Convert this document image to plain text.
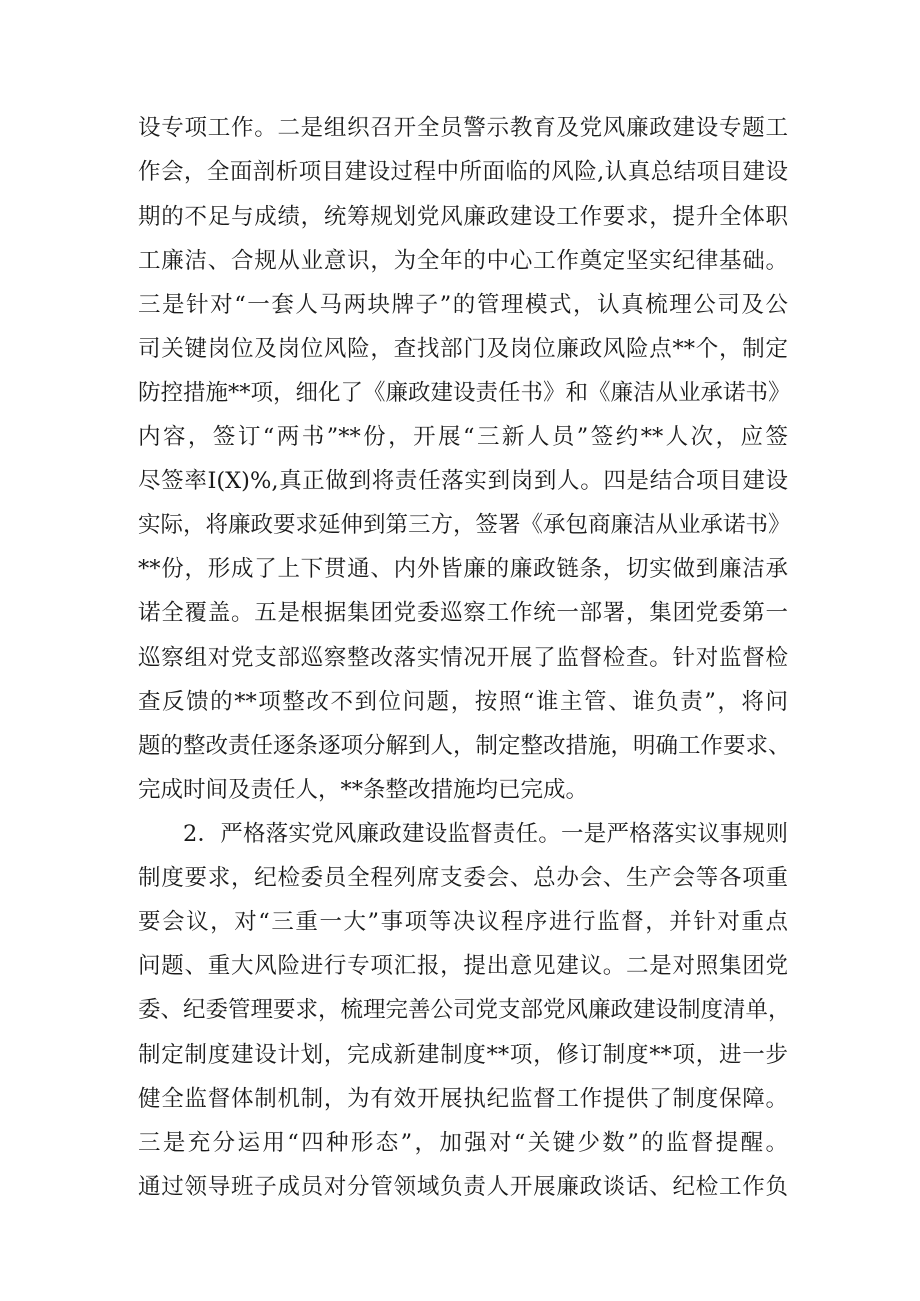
设专项工作。二是组织召开全员警示教育及党风廉政建设专题工
作会，全面剖析项目建设过程中所面临的风险,认真总结项目建设
期的不足与成绩，统筹规划党风廉政建设工作要求，提升全体职
工廉洁、合规从业意识，为全年的中心工作奠定坚实纪律基础。
三是针对“一套人马两块牌子”的管理模式，认真梳理公司及公
司关键岗位及岗位风险，查找部门及岗位廉政风险点**个，制定
防控措施**项，细化了《廉政建设责任书》和《廉洁从业承诺书》
内容，签订“两书”**份，开展“三新人员”签约**人次，应签
尽签率I(X)%,真正做到将责任落实到岗到人。四是结合项目建设
实际，将廉政要求延伸到第三方，签署《承包商廉洁从业承诺书》
**份，形成了上下贯通、内外皆廉的廉政链条，切实做到廉洁承
诺全覆盖。五是根据集团党委巡察工作统一部署，集团党委第一
巡察组对党支部巡察整改落实情况开展了监督检查。针对监督检
查反馈的**项整改不到位问题，按照“谁主管、谁负责”，将问
题的整改责任逐条逐项分解到人，制定整改措施，明确工作要求、
完成时间及责任人，**条整改措施均已完成。
2．严格落实党风廉政建设监督责任。一是严格落实议事规则
制度要求，纪检委员全程列席支委会、总办会、生产会等各项重
要会议，对“三重一大”事项等决议程序进行监督，并针对重点
问题、重大风险进行专项汇报，提出意见建议。二是对照集团党
委、纪委管理要求，梳理完善公司党支部党风廉政建设制度清单，
制定制度建设计划，完成新建制度**项，修订制度**项，进一步
健全监督体制机制，为有效开展执纪监督工作提供了制度保障。
三是充分运用“四种形态”，加强对“关键少数”的监督提醒。
通过领导班子成员对分管领域负责人开展廉政谈话、纪检工作负
